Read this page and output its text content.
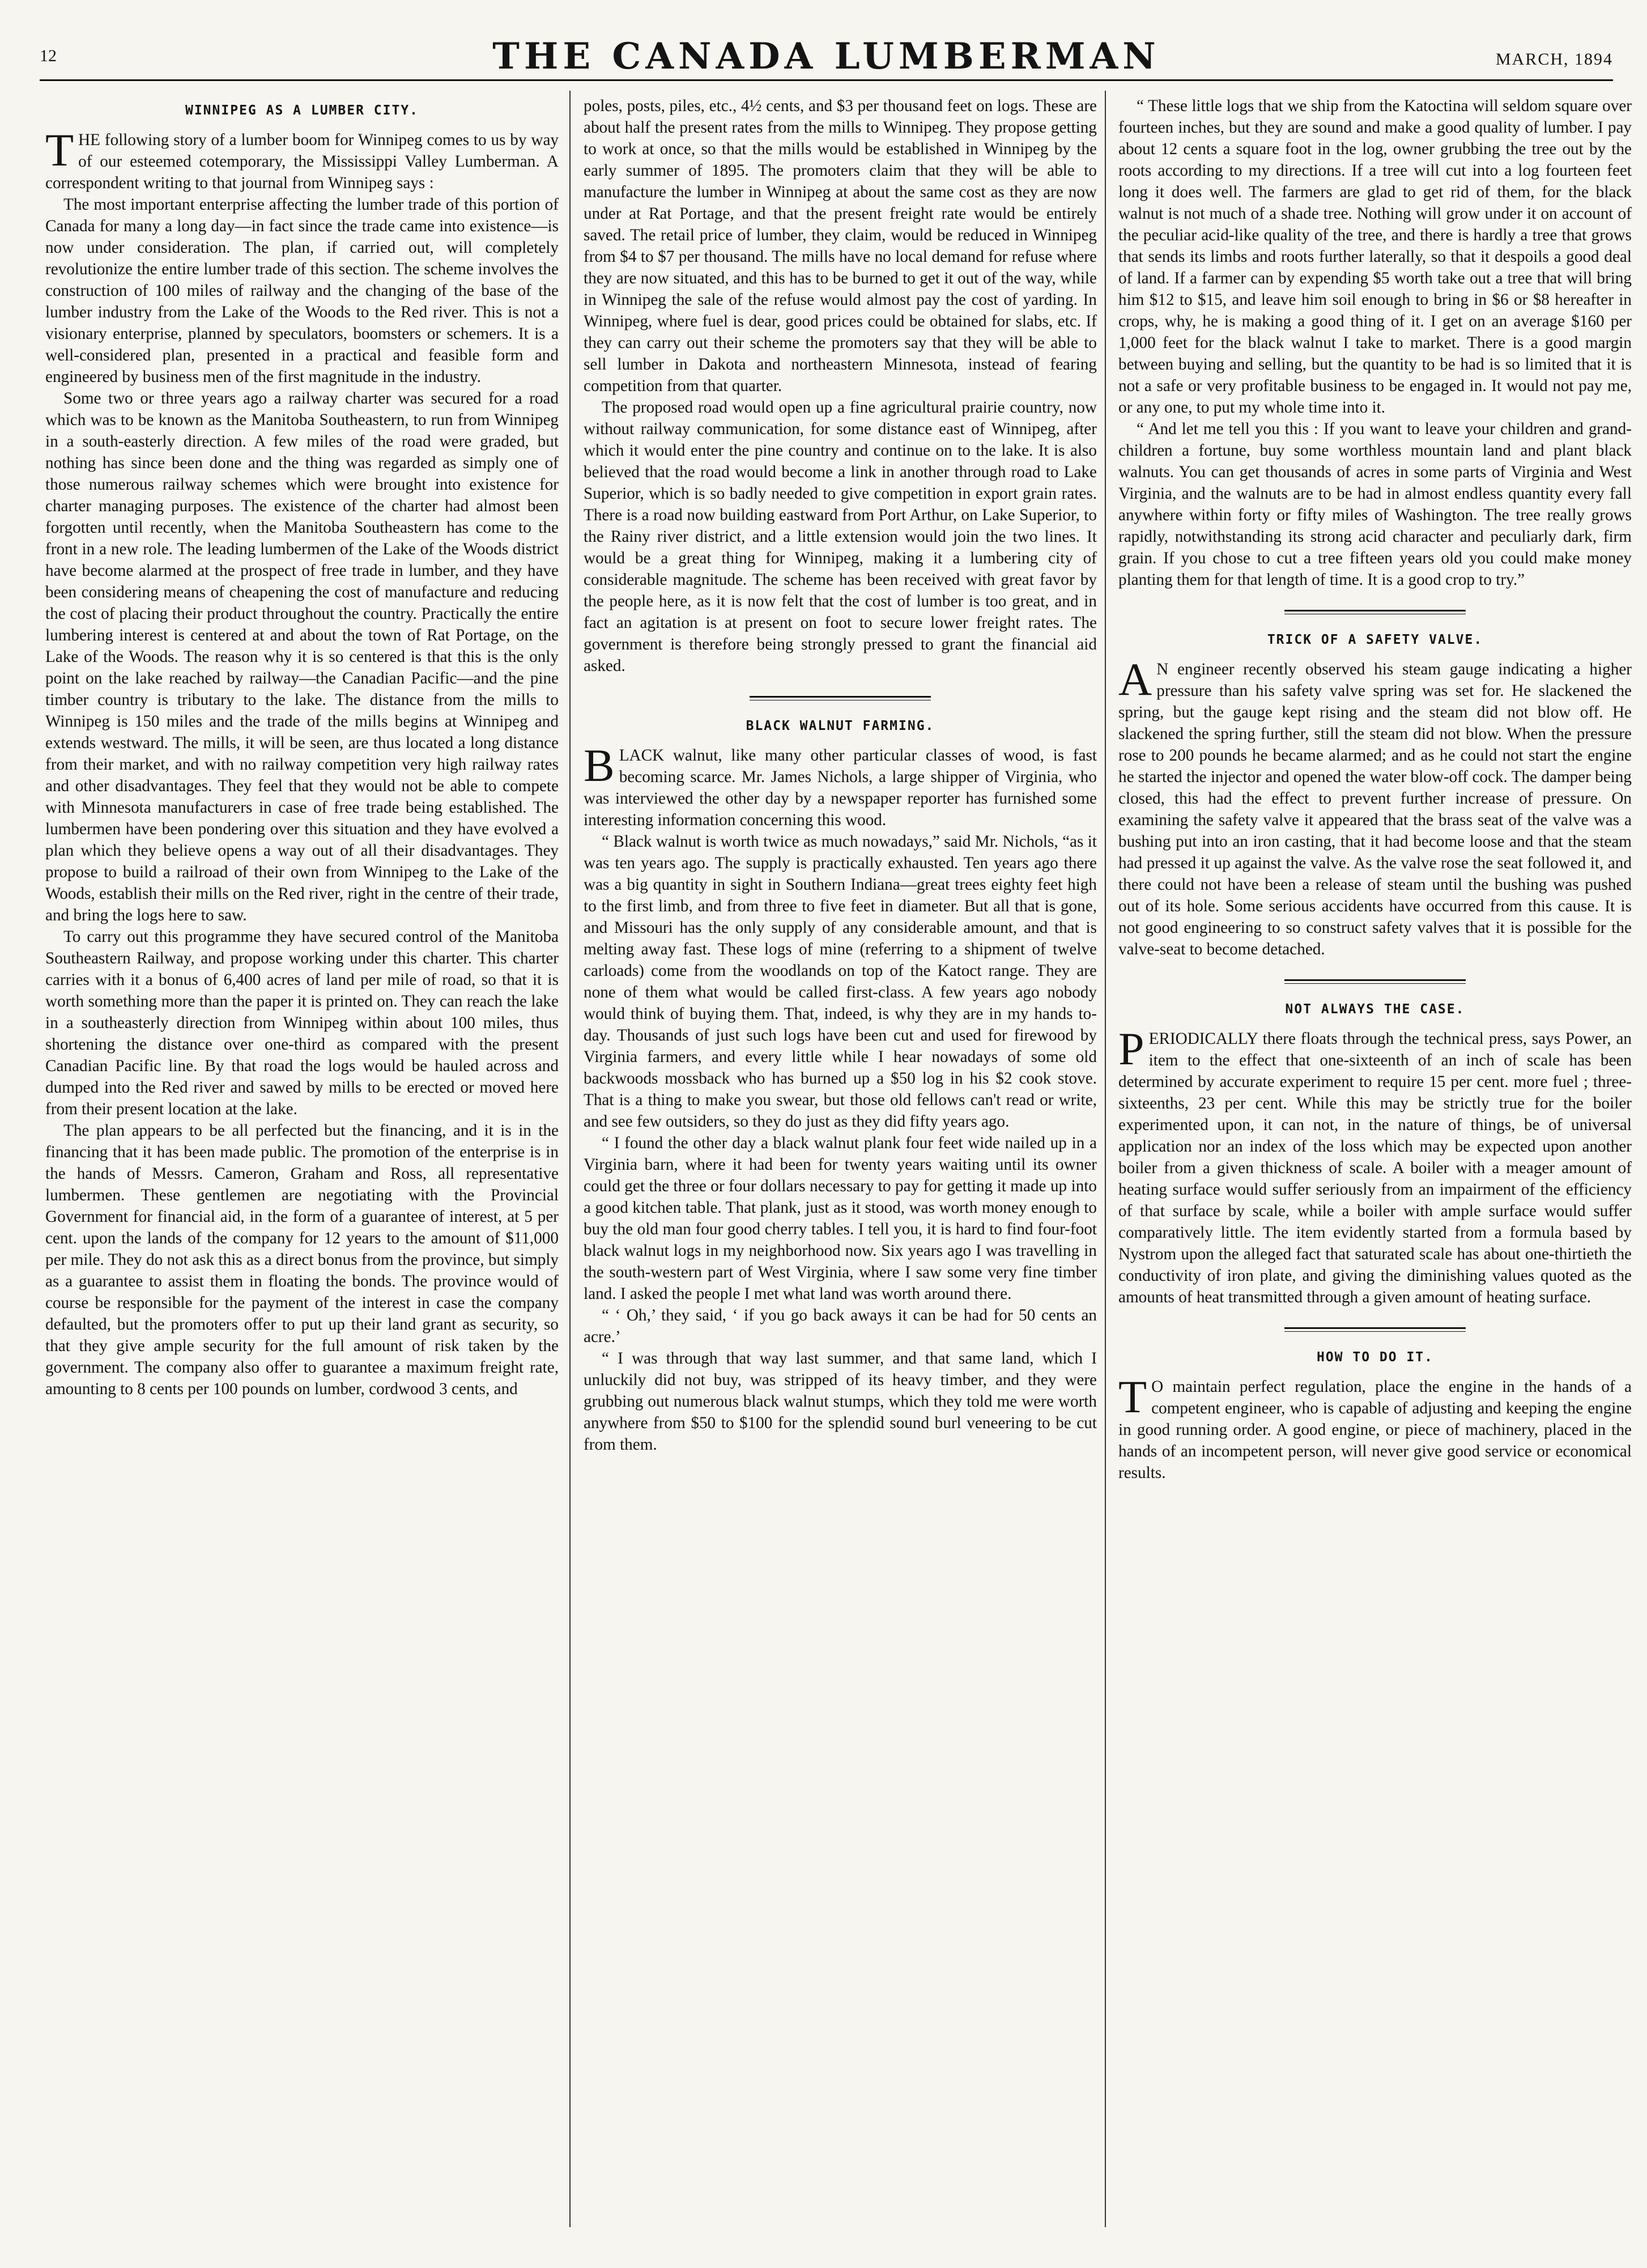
12	THE CANADA LUMBERMAN	MARCH, 1894
WINNIPEG AS A LUMBER CITY.

THE following story of a lumber boom for Winnipeg comes to us by way of our esteemed cotemporary, the Mississippi Valley Lumberman. A correspondent writing to that journal from Winnipeg says :

The most important enterprise affecting the lumber trade of this portion of Canada for many a long day—in fact since the trade came into existence—is now under consideration. The plan, if carried out, will completely revolutionize the entire lumber trade of this section. The scheme involves the construction of 100 miles of railway and the changing of the base of the lumber industry from the Lake of the Woods to the Red river. This is not a visionary enterprise, planned by speculators, boomsters or schemers. It is a well-considered plan, presented in a practical and feasible form and engineered by business men of the first magnitude in the industry.

Some two or three years ago a railway charter was secured for a road which was to be known as the Manitoba Southeastern, to run from Winnipeg in a south-easterly direction. A few miles of the road were graded, but nothing has since been done and the thing was regarded as simply one of those numerous railway schemes which were brought into existence for charter managing purposes. The existence of the charter had almost been forgotten until recently, when the Manitoba Southeastern has come to the front in a new role. The leading lumbermen of the Lake of the Woods district have become alarmed at the prospect of free trade in lumber, and they have been considering means of cheapening the cost of manufacture and reducing the cost of placing their product throughout the country. Practically the entire lumbering interest is centered at and about the town of Rat Portage, on the Lake of the Woods. The reason why it is so centered is that this is the only point on the lake reached by railway—the Canadian Pacific—and the pine timber country is tributary to the lake. The distance from the mills to Winnipeg is 150 miles and the trade of the mills begins at Winnipeg and extends westward. The mills, it will be seen, are thus located a long distance from their market, and with no railway competition very high railway rates and other disadvantages. They feel that they would not be able to compete with Minnesota manufacturers in case of free trade being established. The lumbermen have been pondering over this situation and they have evolved a plan which they believe opens a way out of all their disadvantages. They propose to build a railroad of their own from Winnipeg to the Lake of the Woods, establish their mills on the Red river, right in the centre of their trade, and bring the logs here to saw.

To carry out this programme they have secured control of the Manitoba Southeastern Railway, and propose working under this charter. This charter carries with it a bonus of 6,400 acres of land per mile of road, so that it is worth something more than the paper it is printed on. They can reach the lake in a southeasterly direction from Winnipeg within about 100 miles, thus shortening the distance over one-third as compared with the present Canadian Pacific line. By that road the logs would be hauled across and dumped into the Red river and sawed by mills to be erected or moved here from their present location at the lake.

The plan appears to be all perfected but the financing, and it is in the financing that it has been made public. The promotion of the enterprise is in the hands of Messrs. Cameron, Graham and Ross, all representative lumbermen. These gentlemen are negotiating with the Provincial Government for financial aid, in the form of a guarantee of interest, at 5 per cent. upon the lands of the company for 12 years to the amount of $11,000 per mile. They do not ask this as a direct bonus from the province, but simply as a guarantee to assist them in floating the bonds. The province would of course be responsible for the payment of the interest in case the company defaulted, but the promoters offer to put up their land grant as security, so that they give ample security for the full amount of risk taken by the government. The company also offer to guarantee a maximum freight rate, amounting to 8 cents per 100 pounds on lumber, cordwood 3 cents, and

poles, posts, piles, etc., 4½ cents, and $3 per thousand feet on logs. These are about half the present rates from the mills to Winnipeg. They propose getting to work at once, so that the mills would be established in Winnipeg by the early summer of 1895. The promoters claim that they will be able to manufacture the lumber in Winnipeg at about the same cost as they are now under at Rat Portage, and that the present freight rate would be entirely saved. The retail price of lumber, they claim, would be reduced in Winnipeg from $4 to $7 per thousand. The mills have no local demand for refuse where they are now situated, and this has to be burned to get it out of the way, while in Winnipeg the sale of the refuse would almost pay the cost of yarding. In Winnipeg, where fuel is dear, good prices could be obtained for slabs, etc. If they can carry out their scheme the promoters say that they will be able to sell lumber in Dakota and northeastern Minnesota, instead of fearing competition from that quarter.

The proposed road would open up a fine agricultural prairie country, now without railway communication, for some distance east of Winnipeg, after which it would enter the pine country and continue on to the lake. It is also believed that the road would become a link in another through road to Lake Superior, which is so badly needed to give competition in export grain rates. There is a road now building eastward from Port Arthur, on Lake Superior, to the Rainy river district, and a little extension would join the two lines. It would be a great thing for Winnipeg, making it a lumbering city of considerable magnitude. The scheme has been received with great favor by the people here, as it is now felt that the cost of lumber is too great, and in fact an agitation is at present on foot to secure lower freight rates. The government is therefore being strongly pressed to grant the financial aid asked.

BLACK WALNUT FARMING.

BLACK walnut, like many other particular classes of wood, is fast becoming scarce. Mr. James Nichols, a large shipper of Virginia, who was interviewed the other day by a newspaper reporter has furnished some interesting information concerning this wood.

“ Black walnut is worth twice as much nowadays,” said Mr. Nichols, “as it was ten years ago. The supply is practically exhausted. Ten years ago there was a big quantity in sight in Southern Indiana—great trees eighty feet high to the first limb, and from three to five feet in diameter. But all that is gone, and Missouri has the only supply of any considerable amount, and that is melting away fast. These logs of mine (referring to a shipment of twelve carloads) come from the woodlands on top of the Katoct range. They are none of them what would be called first-class. A few years ago nobody would think of buying them. That, indeed, is why they are in my hands to-day. Thousands of just such logs have been cut and used for firewood by Virginia farmers, and every little while I hear nowadays of some old backwoods mossback who has burned up a $50 log in his $2 cook stove. That is a thing to make you swear, but those old fellows can't read or write, and see few outsiders, so they do just as they did fifty years ago.

“ I found the other day a black walnut plank four feet wide nailed up in a Virginia barn, where it had been for twenty years waiting until its owner could get the three or four dollars necessary to pay for getting it made up into a good kitchen table. That plank, just as it stood, was worth money enough to buy the old man four good cherry tables. I tell you, it is hard to find four-foot black walnut logs in my neighborhood now. Six years ago I was travelling in the south-western part of West Virginia, where I saw some very fine timber land. I asked the people I met what land was worth around there.

“ ‘ Oh,’ they said, ‘ if you go back aways it can be had for 50 cents an acre.’

“ I was through that way last summer, and that same land, which I unluckily did not buy, was stripped of its heavy timber, and they were grubbing out numerous black walnut stumps, which they told me were worth anywhere from $50 to $100 for the splendid sound burl veneering to be cut from them.

“ These little logs that we ship from the Katoctina will seldom square over fourteen inches, but they are sound and make a good quality of lumber. I pay about 12 cents a square foot in the log, owner grubbing the tree out by the roots according to my directions. If a tree will cut into a log fourteen feet long it does well. The farmers are glad to get rid of them, for the black walnut is not much of a shade tree. Nothing will grow under it on account of the peculiar acid-like quality of the tree, and there is hardly a tree that grows that sends its limbs and roots further laterally, so that it despoils a good deal of land. If a farmer can by expending $5 worth take out a tree that will bring him $12 to $15, and leave him soil enough to bring in $6 or $8 hereafter in crops, why, he is making a good thing of it. I get on an average $160 per 1,000 feet for the black walnut I take to market. There is a good margin between buying and selling, but the quantity to be had is so limited that it is not a safe or very profitable business to be engaged in. It would not pay me, or any one, to put my whole time into it.

“ And let me tell you this : If you want to leave your children and grand-children a fortune, buy some worthless mountain land and plant black walnuts. You can get thousands of acres in some parts of Virginia and West Virginia, and the walnuts are to be had in almost endless quantity every fall anywhere within forty or fifty miles of Washington. The tree really grows rapidly, notwithstanding its strong acid character and peculiarly dark, firm grain. If you chose to cut a tree fifteen years old you could make money planting them for that length of time. It is a good crop to try.”

TRICK OF A SAFETY VALVE.

A N engineer recently observed his steam gauge indicating a higher pressure than his safety valve spring was set for. He slackened the spring, but the gauge kept rising and the steam did not blow off. He slackened the spring further, still the steam did not blow. When the pressure rose to 200 pounds he became alarmed; and as he could not start the engine he started the injector and opened the water blow-off cock. The damper being closed, this had the effect to prevent further increase of pressure. On examining the safety valve it appeared that the brass seat of the valve was a bushing put into an iron casting, that it had become loose and that the steam had pressed it up against the valve. As the valve rose the seat followed it, and there could not have been a release of steam until the bushing was pushed out of its hole. Some serious accidents have occurred from this cause. It is not good engineering to so construct safety valves that it is possible for the valve-seat to become detached.

NOT ALWAYS THE CASE.

PERIODICALLY there floats through the technical press, says Power, an item to the effect that one-sixteenth of an inch of scale has been determined by accurate experiment to require 15 per cent. more fuel ; three-sixteenths, 23 per cent. While this may be strictly true for the boiler experimented upon, it can not, in the nature of things, be of universal application nor an index of the loss which may be expected upon another boiler from a given thickness of scale. A boiler with a meager amount of heating surface would suffer seriously from an impairment of the efficiency of that surface by scale, while a boiler with ample surface would suffer comparatively little. The item evidently started from a formula based by Nystrom upon the alleged fact that saturated scale has about one-thirtieth the conductivity of iron plate, and giving the diminishing values quoted as the amounts of heat transmitted through a given amount of heating surface.

HOW TO DO IT.

T O maintain perfect regulation, place the engine in the hands of a competent engineer, who is capable of adjusting and keeping the engine in good running order. A good engine, or piece of machinery, placed in the hands of an incompetent person, will never give good service or economical results.
